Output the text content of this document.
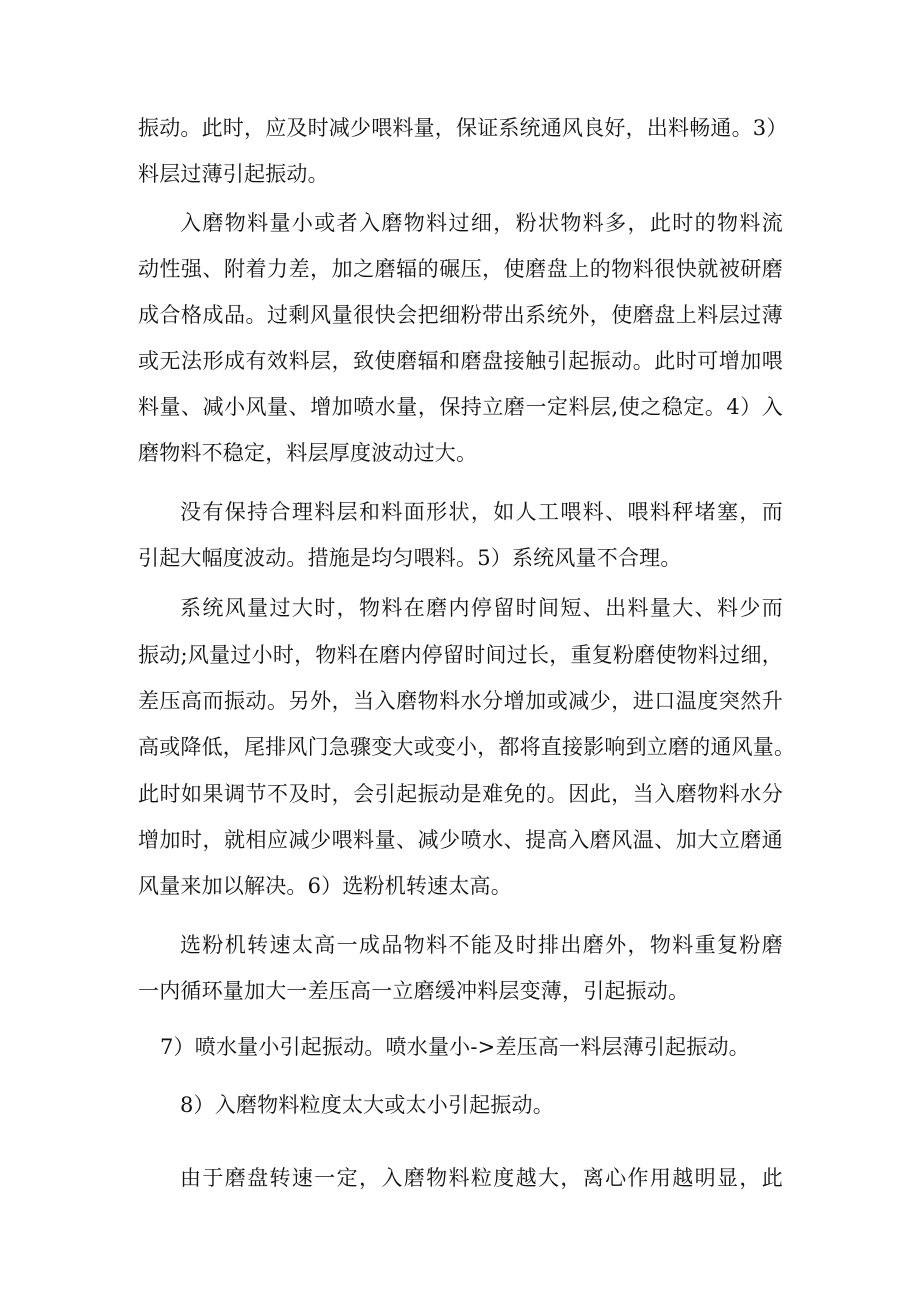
振动。此时，应及时减少喂料量，保证系统通风良好，出料畅通。3）
料层过薄引起振动。
入磨物料量小或者入磨物料过细，粉状物料多，此时的物料流
动性强、附着力差，加之磨辐的碾压，使磨盘上的物料很快就被研磨
成合格成品。过剩风量很快会把细粉带出系统外，使磨盘上料层过薄
或无法形成有效料层，致使磨辐和磨盘接触引起振动。此时可增加喂
料量、减小风量、增加喷水量，保持立磨一定料层,使之稳定。4）入
磨物料不稳定，料层厚度波动过大。
没有保持合理料层和料面形状，如人工喂料、喂料秤堵塞，而
引起大幅度波动。措施是均匀喂料。5）系统风量不合理。
系统风量过大时，物料在磨内停留时间短、出料量大、料少而
振动;风量过小时，物料在磨内停留时间过长，重复粉磨使物料过细，
差压高而振动。另外，当入磨物料水分增加或减少，进口温度突然升
高或降低，尾排风门急骤变大或变小，都将直接影响到立磨的通风量。
此时如果调节不及时，会引起振动是难免的。因此，当入磨物料水分
增加时，就相应减少喂料量、减少喷水、提高入磨风温、加大立磨通
风量来加以解决。6）选粉机转速太高。
选粉机转速太高一成品物料不能及时排出磨外，物料重复粉磨
一内循环量加大一差压高一立磨缓冲料层变薄，引起振动。
7）喷水量小引起振动。喷水量小->差压高一料层薄引起振动。
8）入磨物料粒度太大或太小引起振动。
由于磨盘转速一定，入磨物料粒度越大，离心作用越明显，此
